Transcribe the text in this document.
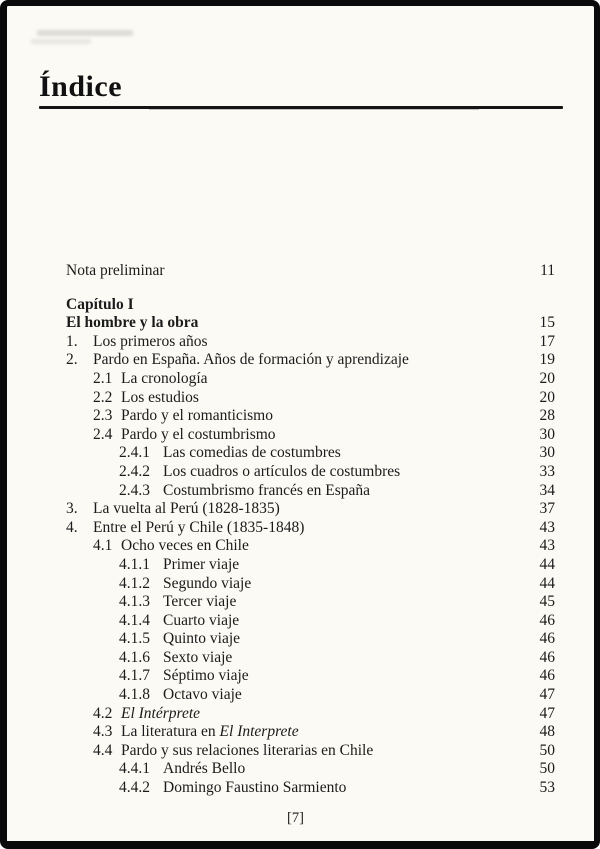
Índice
Nota preliminar	11
Capítulo I
El hombre y la obra	15
1. Los primeros años	17
2. Pardo en España. Años de formación y aprendizaje	19
2.1 La cronología	20
2.2 Los estudios	20
2.3 Pardo y el romanticismo	28
2.4 Pardo y el costumbrismo	30
2.4.1 Las comedias de costumbres	30
2.4.2 Los cuadros o artículos de costumbres	33
2.4.3 Costumbrismo francés en España	34
3. La vuelta al Perú (1828-1835)	37
4. Entre el Perú y Chile (1835-1848)	43
4.1 Ocho veces en Chile	43
4.1.1 Primer viaje	44
4.1.2 Segundo viaje	44
4.1.3 Tercer viaje	45
4.1.4 Cuarto viaje	46
4.1.5 Quinto viaje	46
4.1.6 Sexto viaje	46
4.1.7 Séptimo viaje	46
4.1.8 Octavo viaje	47
4.2 El Intérprete	47
4.3 La literatura en El Interprete	48
4.4 Pardo y sus relaciones literarias en Chile	50
4.4.1 Andrés Bello	50
4.4.2 Domingo Faustino Sarmiento	53
[7]
